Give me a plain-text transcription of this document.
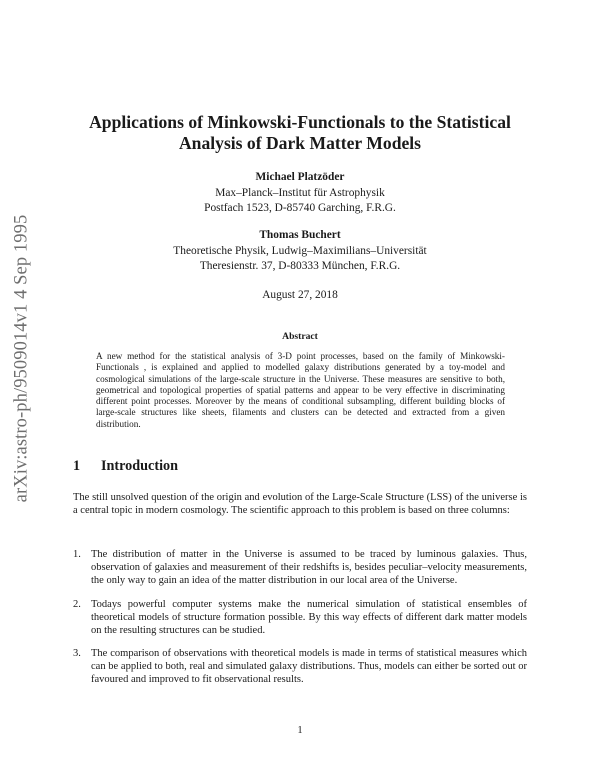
arXiv:astro-ph/9509014v1 4 Sep 1995
Applications of Minkowski-Functionals to the Statistical
Analysis of Dark Matter Models
Michael Platzöder
Max–Planck–Institut für Astrophysik
Postfach 1523, D-85740 Garching, F.R.G.
Thomas Buchert
Theoretische Physik, Ludwig–Maximilians–Universität
Theresienstr. 37, D-80333 München, F.R.G.
August 27, 2018
Abstract
A new method for the statistical analysis of 3-D point processes, based on the family of Minkowski-Functionals , is explained and applied to modelled galaxy distributions generated by a toy-model and cosmological simulations of the large-scale structure in the Universe. These measures are sensitive to both, geometrical and topological properties of spatial patterns and appear to be very effective in discriminating different point processes. Moreover by the means of conditional subsampling, different building blocks of large-scale structures like sheets, filaments and clusters can be detected and extracted from a given distribution.
1 Introduction
The still unsolved question of the origin and evolution of the Large-Scale Structure (LSS) of the universe is a central topic in modern cosmology. The scientific approach to this problem is based on three columns:
1. The distribution of matter in the Universe is assumed to be traced by luminous galaxies. Thus, observation of galaxies and measurement of their redshifts is, besides peculiar–velocity measurements, the only way to gain an idea of the matter distribution in our local area of the Universe.
2. Todays powerful computer systems make the numerical simulation of statistical ensembles of theoretical models of structure formation possible. By this way effects of different dark matter models on the resulting structures can be studied.
3. The comparison of observations with theoretical models is made in terms of statistical measures which can be applied to both, real and simulated galaxy distributions. Thus, models can either be sorted out or favoured and improved to fit observational results.
1
